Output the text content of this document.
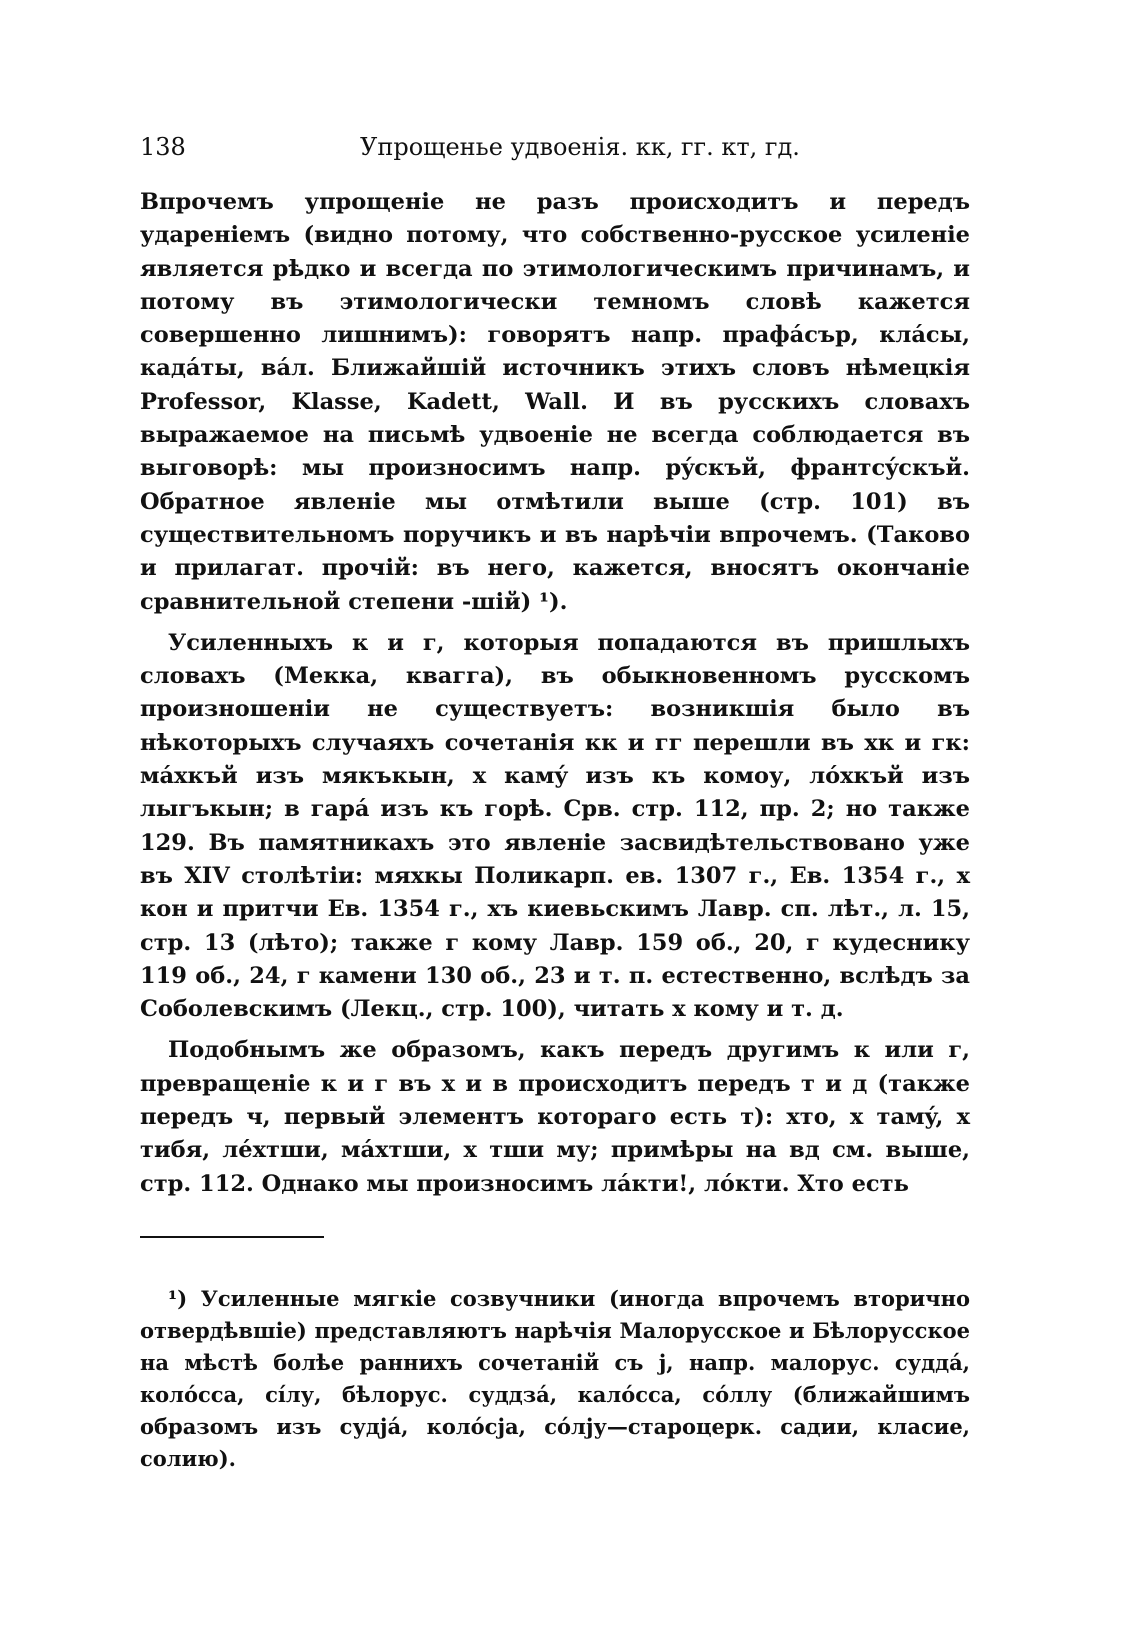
138	Упрощенье удвоенія. кк, гг. кт, гд.

Впрочемъ упрощеніе не разъ происходитъ и передъ удареніемъ (видно потому, что собственно-русское усиленіе является рѣдко и всегда по этимологическимъ причинамъ, и потому въ этимологически темномъ словѣ кажется совершенно лишнимъ): говорятъ напр. прафáсъp, клáсы, кадáты, вáл. Ближайшій источникъ этихъ словъ нѣмецкія Professor, Klasse, Kadett, Wall. И въ русскихъ словахъ выражаемое на письмѣ удвоеніе не всегда соблюдается въ выговорѣ: мы произносимъ напр. рýскъй, франтсýскъй. Обратное явленіе мы отмѣтили выше (стр. 101) въ существительномъ поручикъ и въ нарѣчіи впрочемъ. (Таково и прилагат. прочій: въ него, кажется, вносятъ окончаніе сравнительной степени -шій) ¹).

Усиленныхъ к и г, которыя попадаются въ пришлыхъ словахъ (Мекка, квагга), въ обыкновенномъ русскомъ произношеніи не существуетъ: возникшія было въ нѣкоторыхъ случаяхъ сочетанія кк и гг перешли въ хк и гк: мáхкъй изъ мякъкын, х камý изъ къ комоу, лóхкъй изъ лыгъкын; в гарá изъ къ горѣ. Срв. стр. 112, пр. 2; но также 129. Въ памятникахъ это явленіе засвидѣтельствовано уже въ XIV столѣтіи: мяхкы Поликарп. ев. 1307 г., Ев. 1354 г., х кон и притчи Ев. 1354 г., хъ киевьскимъ Лавр. сп. лѣт., л. 15, стр. 13 (лѣто); также г кому Лавр. 159 об., 20, г кудеснику 119 об., 24, г камени 130 об., 23 и т. п. естественно, вслѣдъ за Соболевскимъ (Лекц., стр. 100), читать х кому и т. д.

Подобнымъ же образомъ, какъ передъ другимъ к или г, превращеніе к и г въ х и в происходитъ передъ т и д (также передъ ч, первый элементъ котораго есть т): хто, х тамý, х тибя, лéхтши, мáхтши, х тши му; примѣры на вд см. выше, стр. 112. Однако мы произносимъ лáкти!, лóкти. Хто есть

¹) Усиленные мягкіе созвучники (иногда впрочемъ вторично отвердѣвшіе) представляютъ нарѣчія Малорусское и Бѣлорусское на мѣстѣ болѣе раннихъ сочетаній съ j, напр. малорус. суддá, колóсса, сíлу, бѣлорус. суддзá, калóсса, сóллу (ближайшимъ образомъ изъ судјá, колóсја, сóлју—староцерк. садии, класие, солию).
